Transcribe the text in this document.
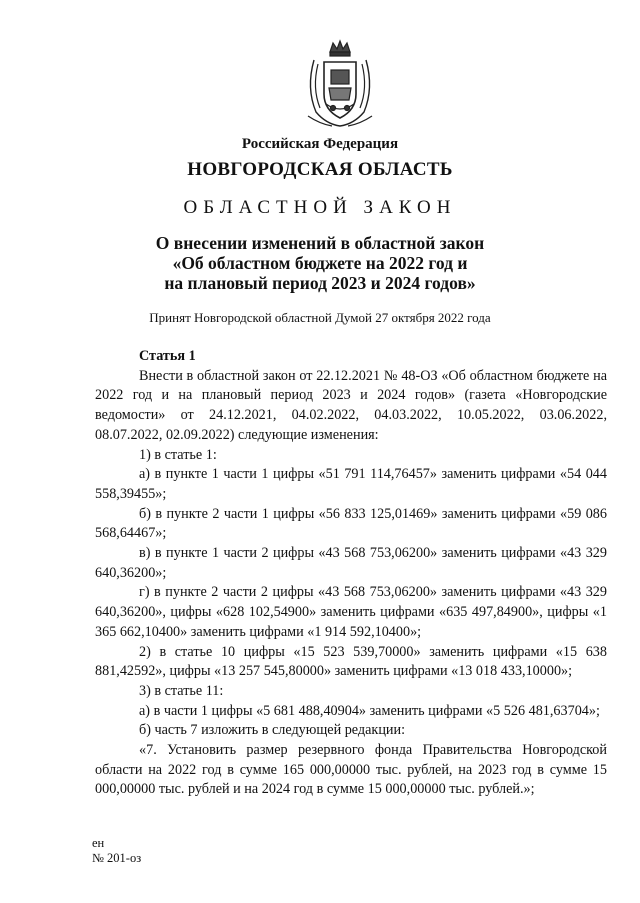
Российская Федерация
НОВГОРОДСКАЯ ОБЛАСТЬ
ОБЛАСТНОЙ ЗАКОН
О внесении изменений в областной закон
«Об областном бюджете на 2022 год и
на плановый период 2023 и 2024 годов»
Принят Новгородской областной Думой 27 октября 2022 года

Статья 1

Внести в областной закон от 22.12.2021 № 48-ОЗ «Об областном бюджете на 2022 год и на плановый период 2023 и 2024 годов» (газета «Новгородские ведомости» от 24.12.2021, 04.02.2022, 04.03.2022, 10.05.2022, 03.06.2022, 08.07.2022, 02.09.2022) следующие изменения:

1) в статье 1:

а) в пункте 1 части 1 цифры «51 791 114,76457» заменить цифрами «54 044 558,39455»;

б) в пункте 2 части 1 цифры «56 833 125,01469» заменить цифрами «59 086 568,64467»;

в) в пункте 1 части 2 цифры «43 568 753,06200» заменить цифрами «43 329 640,36200»;

г) в пункте 2 части 2 цифры «43 568 753,06200» заменить цифрами «43 329 640,36200», цифры «628 102,54900» заменить цифрами «635 497,84900», цифры «1 365 662,10400» заменить цифрами «1 914 592,10400»;

2) в статье 10 цифры «15 523 539,70000» заменить цифрами «15 638 881,42592», цифры «13 257 545,80000» заменить цифрами «13 018 433,10000»;

3) в статье 11:

а) в части 1 цифры «5 681 488,40904» заменить цифрами «5 526 481,63704»;

б) часть 7 изложить в следующей редакции:

«7. Установить размер резервного фонда Правительства Новгородской области на 2022 год в сумме 165 000,00000 тыс. рублей, на 2023 год в сумме 15 000,00000 тыс. рублей и на 2024 год в сумме 15 000,00000 тыс. рублей.»;

ен
№ 201-оз
